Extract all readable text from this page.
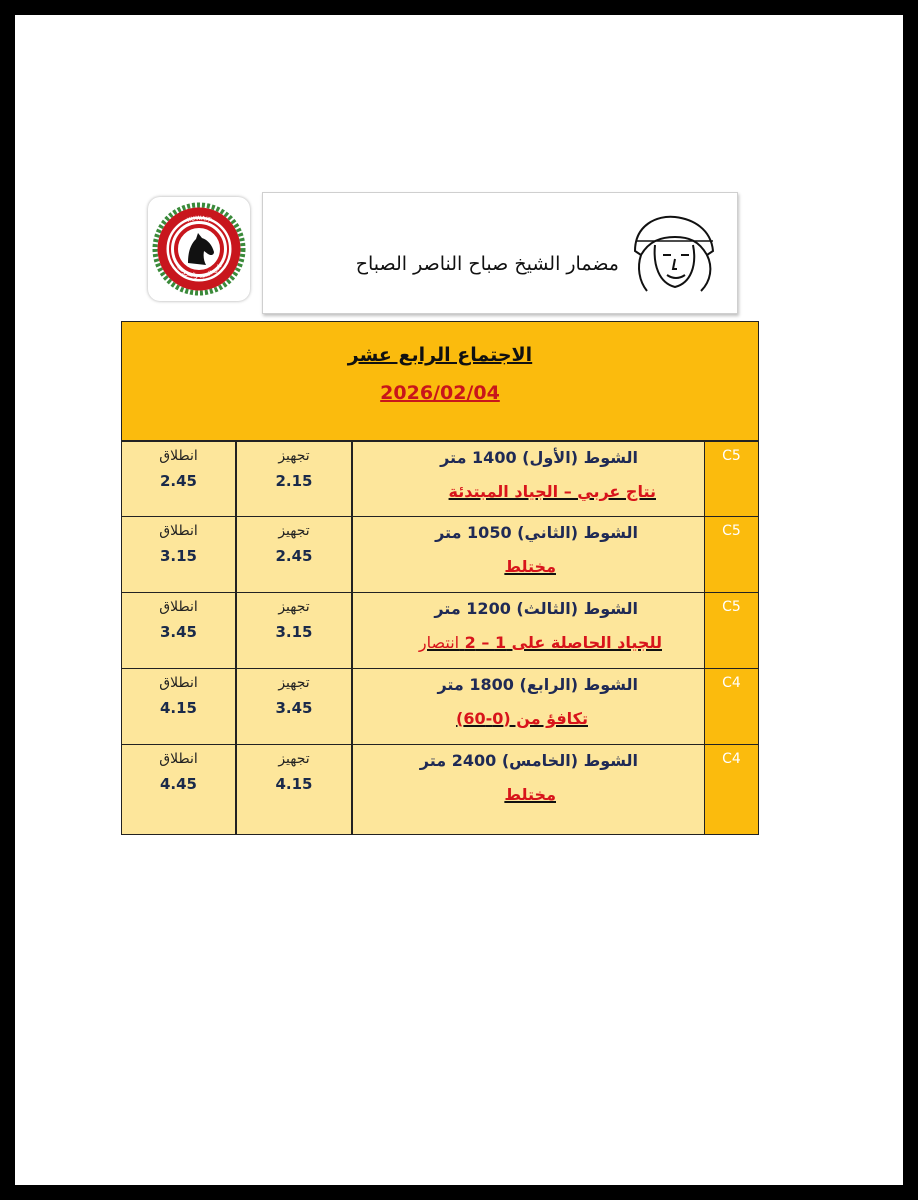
KUWAIT
نادي الصيد والفروسية	مضمار الشيخ صباح الناصر الصباح
الاجتماع الرابع عشر
2026/02/04
انطلاق
2.45
تجهيز
2.15
الشوط (الأول) 1400 متر
نتاج عربي – الجياد المبتدئة
C5
انطلاق
3.15
تجهيز
2.45
الشوط (الثاني) 1050 متر
مختلط
C5
انطلاق
3.45
تجهيز
3.15
الشوط (الثالث) 1200 متر
للجياد الحاصلة على 1 – 2 انتصار
C5
انطلاق
4.15
تجهيز
3.45
الشوط (الرابع) 1800 متر
تكافؤ من (0-60)
C4
انطلاق
4.45
تجهيز
4.15
الشوط (الخامس) 2400 متر
مختلط
C4
